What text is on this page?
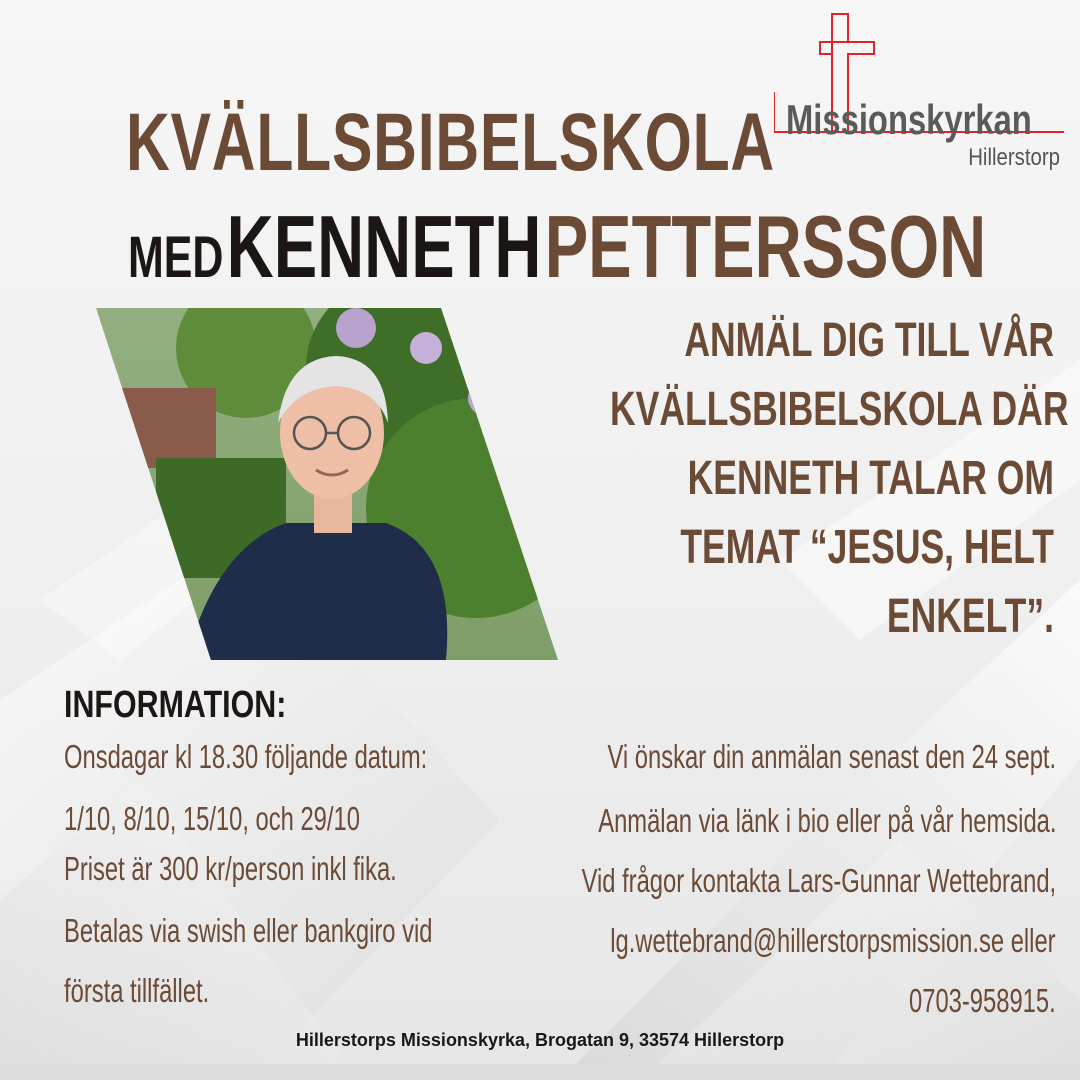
KVÄLLSBIBELSKOLA
MED KENNETH PETTERSSON
Missionskyrkan
Hillerstorp
ANMÄL DIG TILL VÅR
KVÄLLSBIBELSKOLA DÄR
KENNETH TALAR OM
TEMAT “JESUS, HELT
ENKELT”.
INFORMATION:
Onsdagar kl 18.30 följande datum:
1/10, 8/10, 15/10, och 29/10
Priset är 300 kr/person inkl fika.
Betalas via swish eller bankgiro vid
första tillfället.
Vi önskar din anmälan senast den 24 sept.
Anmälan via länk i bio eller på vår hemsida.
Vid frågor kontakta Lars-Gunnar Wettebrand,
lg.wettebrand@hillerstorpsmission.se eller
0703-958915.
Hillerstorps Missionskyrka, Brogatan 9, 33574 Hillerstorp
